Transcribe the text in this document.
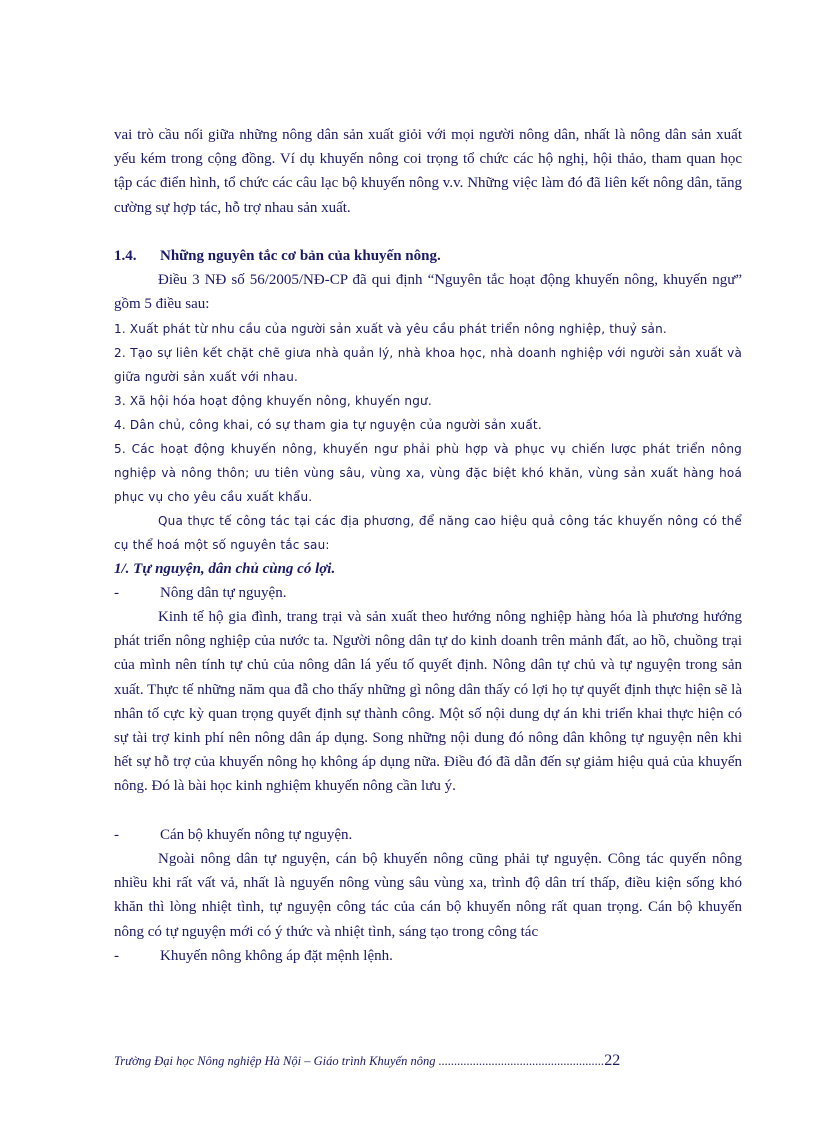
vai trò cầu nối giữa những nông dân sản xuất giỏi với mọi người nông dân, nhất là nông dân sản xuất yếu kém trong cộng đồng. Ví dụ khuyến nông coi trọng tổ chức các hộ nghị, hội thảo, tham quan học tập các điển hình, tổ chức các câu lạc bộ khuyến nông v.v. Những việc làm đó đã liên kết nông dân, tăng cường sự hợp tác, hỗ trợ nhau sản xuất.

1.4. Những nguyên tắc cơ bản của khuyến nông.

Điều 3 NĐ số 56/2005/NĐ-CP đã qui định “Nguyên tắc hoạt động khuyến nông, khuyến ngư” gồm 5 điều sau:

1. Xuất phát từ nhu cầu của người sản xuất và yêu cầu phát triển nông nghiệp, thuỷ sản.
2. Tạo sự liên kết chặt chẽ giưa nhà quản lý, nhà khoa học, nhà doanh nghiệp với người sản xuất và giữa người sản xuất với nhau.
3. Xã hội hóa hoạt động khuyến nông, khuyến ngư.
4. Dân chủ, công khai, có sự tham gia tự nguyện của người sản xuất.
5. Các hoạt động khuyến nông, khuyến ngư phải phù hợp và phục vụ chiến lược phát triển nông nghiệp và nông thôn; ưu tiên vùng sâu, vùng xa, vùng đặc biệt khó khăn, vùng sản xuất hàng hoá phục vụ cho yêu cầu xuất khẩu.
Qua thực tế công tác tại các địa phương, để năng cao hiệu quả công tác khuyến nông có thể cụ thể hoá một số nguyên tắc sau:
1/. Tự nguyện, dân chủ cùng có lợi.
-	Nông dân tự nguyện.

Kinh tế hộ gia đình, trang trại và sản xuất theo hướng nông nghiệp hàng hóa là phương hướng phát triển nông nghiệp của nước ta. Người nông dân tự do kinh doanh trên mảnh đất, ao hồ, chuồng trại của mình nên tính tự chủ của nông dân lá yếu tố quyết định. Nông dân tự chủ và tự nguyện trong sản xuất. Thực tế những năm qua đẫ cho thấy những gì nông dân thấy có lợi họ tự quyết định thực hiện sẽ là nhân tố cực kỳ quan trọng quyết định sự thành công. Một số nội dung dự án khi triển khai thực hiện có sự tài trợ kinh phí nên nông dân áp dụng. Song những nội dung đó nông dân không tự nguyện nên khi hết sự hỗ trợ của khuyến nông họ không áp dụng nữa. Điều đó đã dẫn đến sự giảm hiệu quả của khuyến nông. Đó là bài học kinh nghiệm khuyến nông cần lưu ý.

-	Cán bộ khuyến nông tự nguyện.

Ngoài nông dân tự nguyện, cán bộ khuyến nông cũng phải tự nguyện. Công tác quyến nông nhiều khi rất vất vả, nhất là nguyến nông vùng sâu vùng xa, trình độ dân trí thấp, điều kiện sống khó khăn thì lòng nhiệt tình, tự nguyện công tác của cán bộ khuyến nông rất quan trọng. Cán bộ khuyến nông có tự nguyện mới có ý thức và nhiệt tình, sáng tạo trong công tác

-	Khuyến nông không áp đặt mệnh lệnh.
Trường Đại học Nông nghiệp Hà Nội – Giáo trình Khuyến nông .....................................................22
